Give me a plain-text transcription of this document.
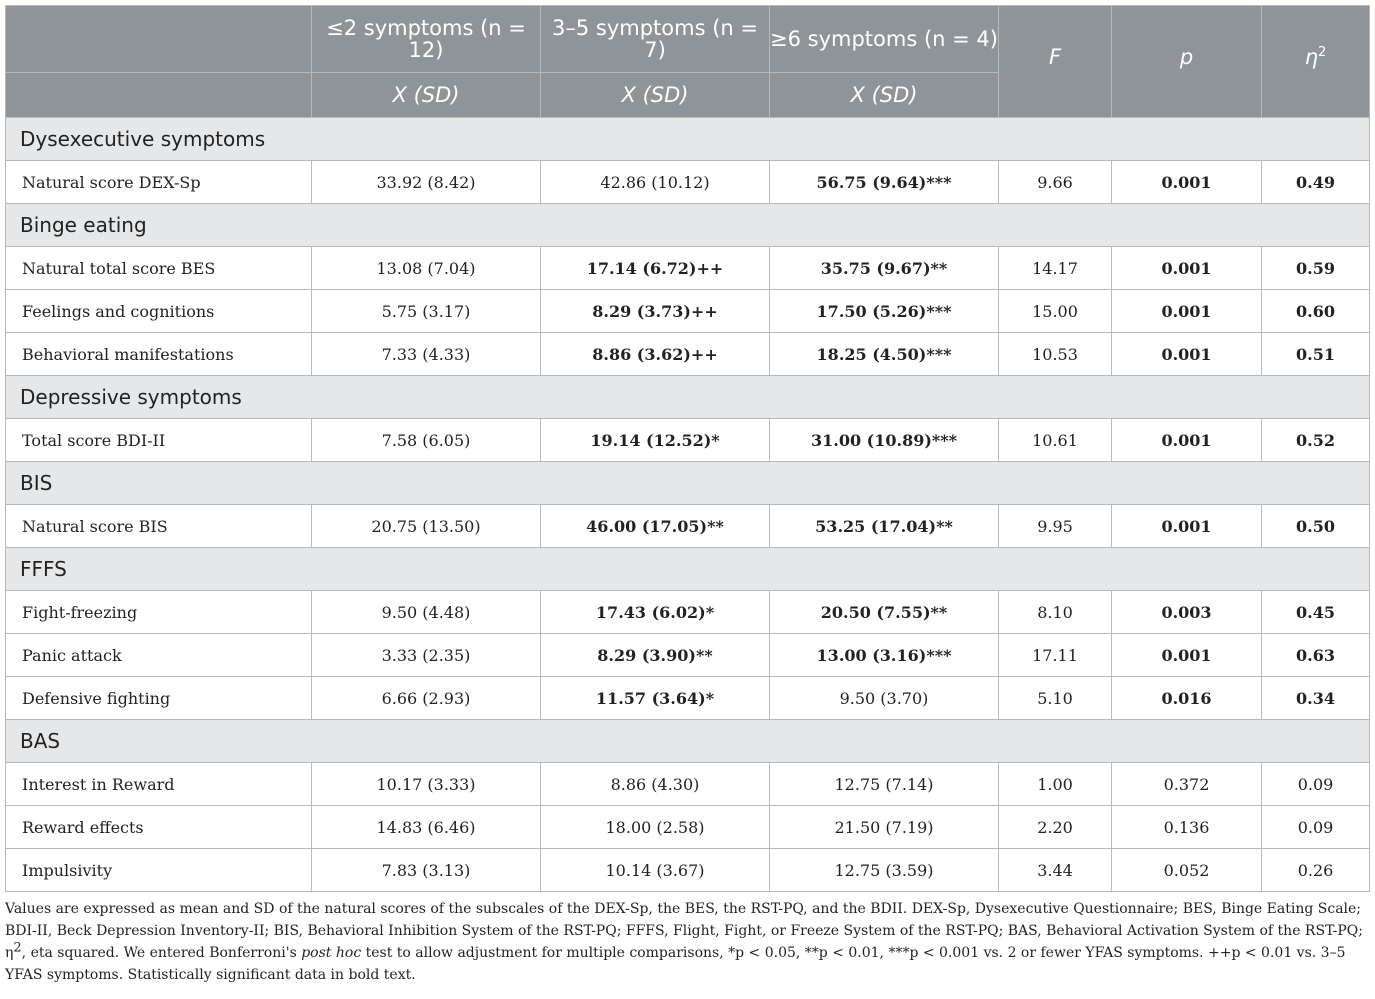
	≤2 symptoms (n = 12)	3–5 symptoms (n = 7)	≥6 symptoms (n = 4)	F	p	$\eta^2$
	X (SD)	X (SD)	X (SD)			
Dysexecutive symptoms						
Natural score DEX-Sp	33.92 (8.42)	42.86 (10.12)	56.75 (9.64)***	9.66	0.001	0.49
Binge eating						
Natural total score BES	13.08 (7.04)	17.14 (6.72)++	35.75 (9.67)**	14.17	0.001	0.59
Feelings and cognitions	5.75 (3.17)	8.29 (3.73)++	17.50 (5.26)***	15.00	0.001	0.60
Behavioral manifestations	7.33 (4.33)	8.86 (3.62)++	18.25 (4.50)***	10.53	0.001	0.51
Depressive symptoms						
Total score BDI-II	7.58 (6.05)	19.14 (12.52)*	31.00 (10.89)***	10.61	0.001	0.52
BIS						
Natural score BIS	20.75 (13.50)	46.00 (17.05)**	53.25 (17.04)**	9.95	0.001	0.50
FFFS						
Fight-freezing	9.50 (4.48)	17.43 (6.02)*	20.50 (7.55)**	8.10	0.003	0.45
Panic attack	3.33 (2.35)	8.29 (3.90)**	13.00 (3.16)***	17.11	0.001	0.63
Defensive fighting	6.66 (2.93)	11.57 (3.64)*	9.50 (3.70)	5.10	0.016	0.34
BAS						
Interest in Reward	10.17 (3.33)	8.86 (4.30)	12.75 (7.14)	1.00	0.372	0.09
Reward effects	14.83 (6.46)	18.00 (2.58)	21.50 (7.19)	2.20	0.136	0.09
Impulsivity	7.83 (3.13)	10.14 (3.67)	12.75 (3.59)	3.44	0.052	0.26
Values are expressed as mean and SD of the natural scores of the subscales of the DEX-Sp, the BES, the RST-PQ, and the BDII. DEX-Sp, Dysexecutive Questionnaire; BES, Binge Eating Scale; BDI-II, Beck Depression Inventory-II; BIS, Behavioral Inhibition System of the RST-PQ; FFFS, Flight, Fight, or Freeze System of the RST-PQ; BAS, Behavioral Activation System of the RST-PQ; η2, eta squared. We entered Bonferroni's post hoc test to allow adjustment for multiple comparisons, *p < 0.05, **p < 0.01, ***p < 0.001 vs. 2 or fewer YFAS symptoms. ++p < 0.01 vs. 3–5 YFAS symptoms. Statistically significant data in bold text.
